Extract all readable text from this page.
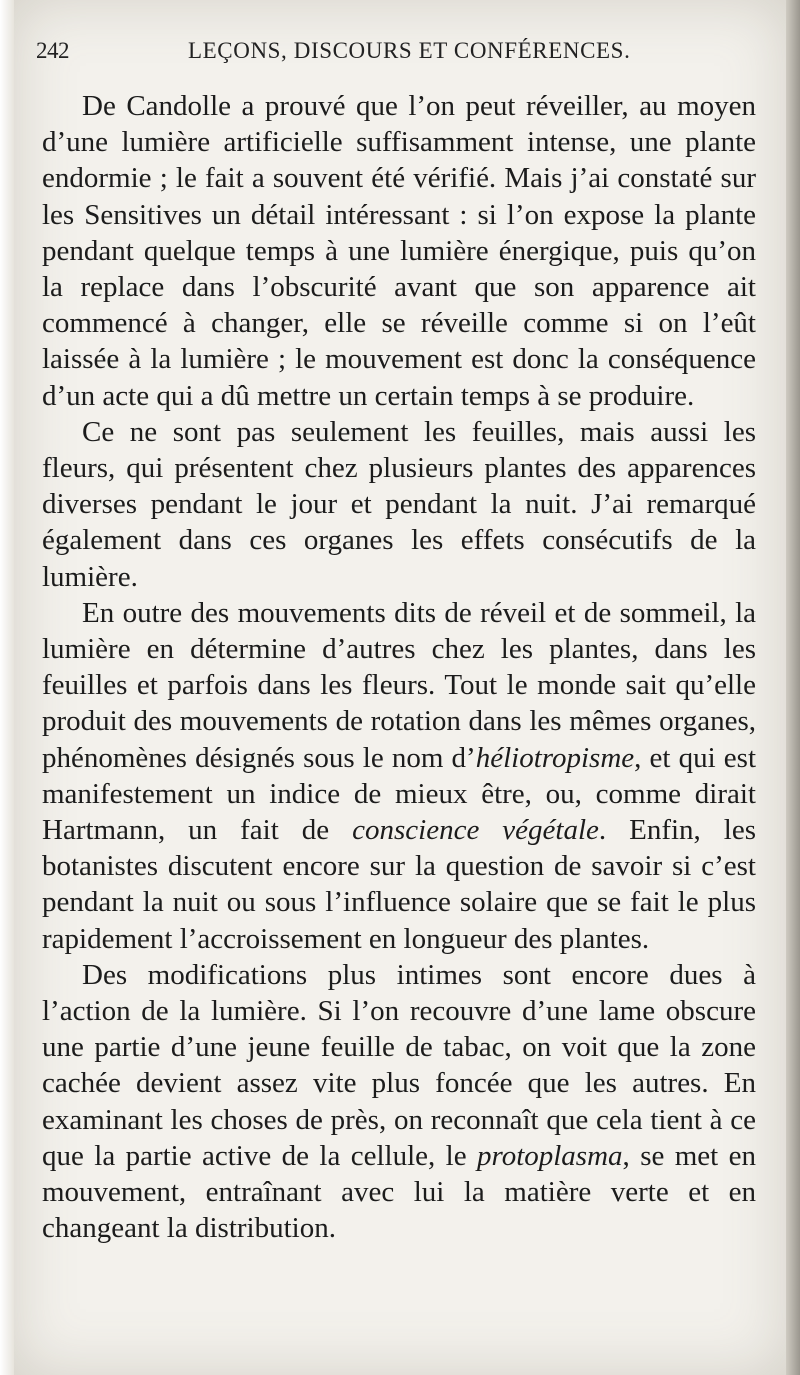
242	LEÇONS, DISCOURS ET CONFÉRENCES.

De Candolle a prouvé que l’on peut réveiller, au moyen d’une lumière artificielle suffisamment intense, une plante endormie ; le fait a souvent été vérifié. Mais j’ai constaté sur les Sensitives un détail intéressant : si l’on expose la plante pendant quelque temps à une lumière énergique, puis qu’on la replace dans l’obscurité avant que son apparence ait commencé à changer, elle se réveille comme si on l’eût laissée à la lumière ; le mouvement est donc la conséquence d’un acte qui a dû mettre un certain temps à se produire.

Ce ne sont pas seulement les feuilles, mais aussi les fleurs, qui présentent chez plusieurs plantes des apparences diverses pendant le jour et pendant la nuit. J’ai remarqué également dans ces organes les effets consécutifs de la lumière.

En outre des mouvements dits de réveil et de sommeil, la lumière en détermine d’autres chez les plantes, dans les feuilles et parfois dans les fleurs. Tout le monde sait qu’elle produit des mouvements de rotation dans les mêmes organes, phénomènes désignés sous le nom d’héliotropisme, et qui est manifestement un indice de mieux être, ou, comme dirait Hartmann, un fait de conscience végétale. Enfin, les botanistes discutent encore sur la question de savoir si c’est pendant la nuit ou sous l’influence solaire que se fait le plus rapidement l’accroissement en longueur des plantes.

Des modifications plus intimes sont encore dues à l’action de la lumière. Si l’on recouvre d’une lame obscure une partie d’une jeune feuille de tabac, on voit que la zone cachée devient assez vite plus foncée que les autres. En examinant les choses de près, on reconnaît que cela tient à ce que la partie active de la cellule, le protoplasma, se met en mouvement, entraînant avec lui la matière verte et en changeant la distribution.
